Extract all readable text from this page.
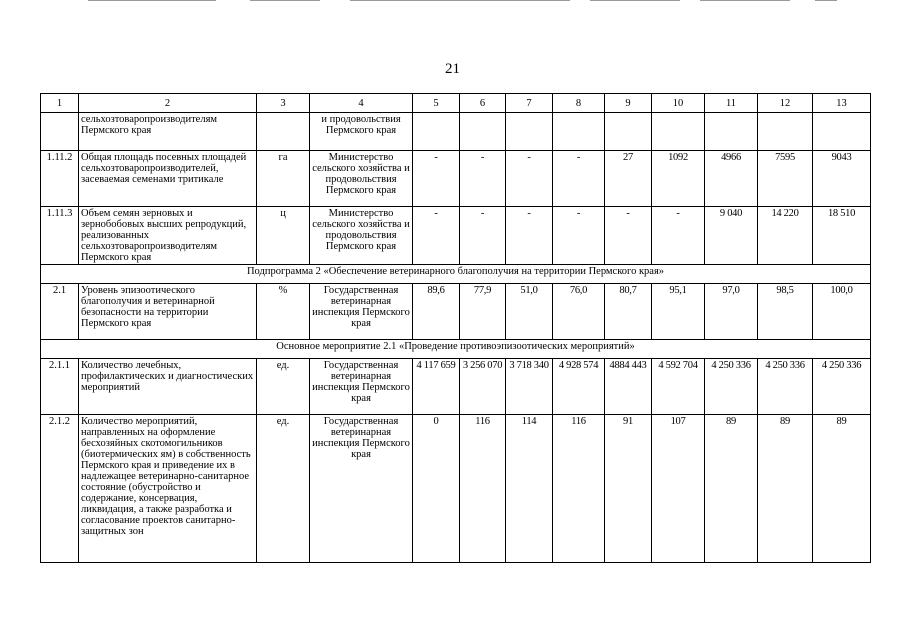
21
1	2	3	4	5	6	7	8	9	10	11	12	13
	сельхозтоваропроизводителям Пермского края		и продовольствия Пермского края									
1.11.2	Общая площадь посевных площадей сельхозтоваропроизводителей, засеваемая семенами тритикале	га	Министерство сельского хозяйства и продовольствия Пермского края	-	-	-	-	27	1092	4966	7595	9043
1.11.3	Объем семян зерновых и зернобобовых высших репродукций, реализованных сельхозтоваропроизводителям Пермского края	ц	Министерство сельского хозяйства и продовольствия Пермского края	-	-	-	-	-	-	9 040	14 220	18 510
Подпрограмма 2 «Обеспечение ветеринарного благополучия на территории Пермского края»												
2.1	Уровень эпизоотического благополучия и ветеринарной безопасности на территории Пермского края	%	Государственная ветеринарная инспекция Пермского края	89,6	77,9	51,0	76,0	80,7	95,1	97,0	98,5	100,0
Основное мероприятие 2.1 «Проведение противоэпизоотических мероприятий»												
2.1.1	Количество лечебных, профилактических и диагностических мероприятий	ед.	Государственная ветеринарная инспекция Пермского края	4 117 659	3 256 070	3 718 340	4 928 574	4884 443	4 592 704	4 250 336	4 250 336	4 250 336
2.1.2	Количество мероприятий, направленных на оформление бесхозяйных скотомогильников (биотермических ям) в собственность Пермского края и приведение их в надлежащее ветеринарно-санитарное состояние (обустройство и содержание, консервация, ликвидация, а также разработка и согласование проектов санитарно-защитных зон	ед.	Государственная ветеринарная инспекция Пермского края	0	116	114	116	91	107	89	89	89
